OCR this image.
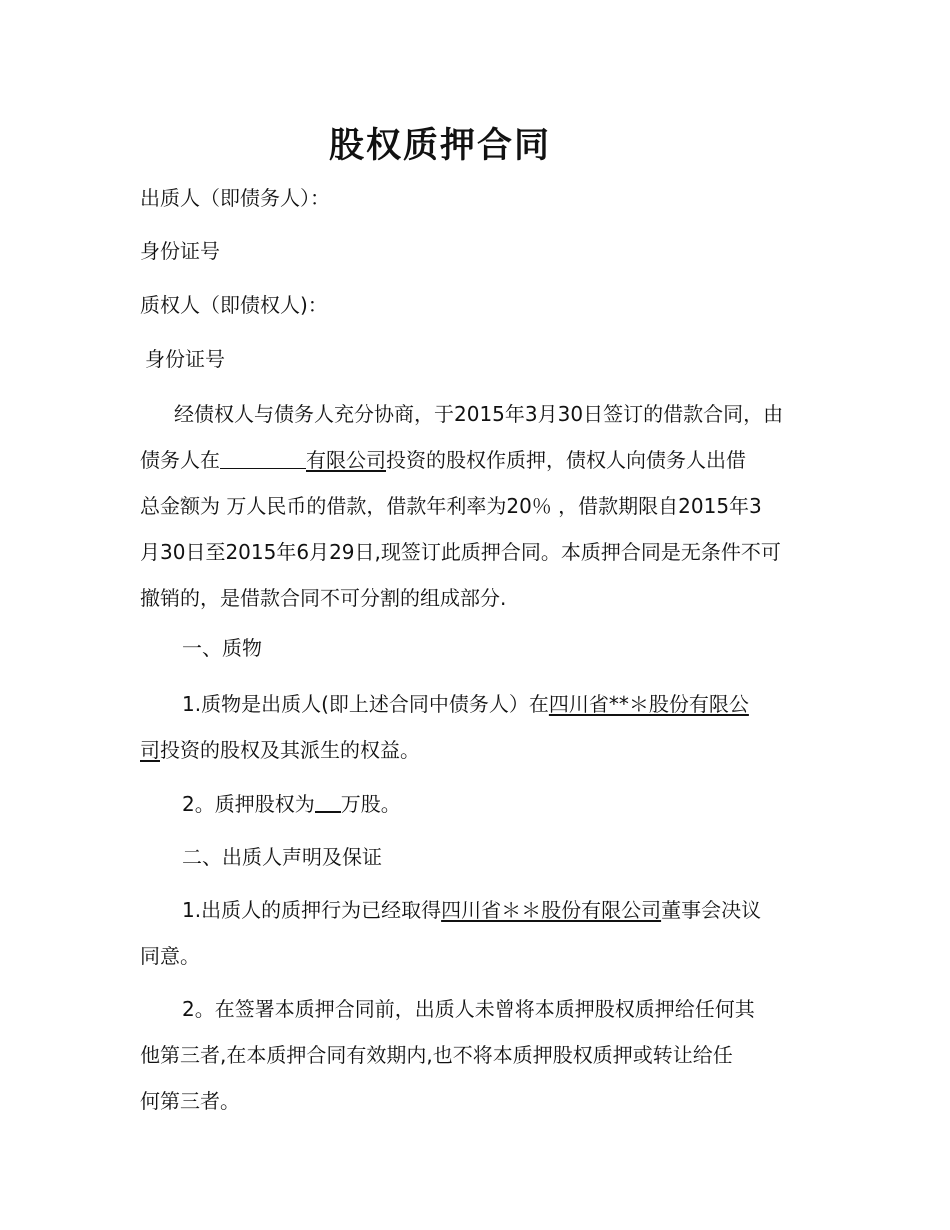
股权质押合同
出质人（即债务人）：
身份证号
质权人（即债权人)：
身份证号
经债权人与债务人充分协商，于2015年3月30日签订的借款合同，由
债务人在	有限公司投资的股权作质押，债权人向债务人出借
总金额为 万人民币的借款，借款年利率为20％ ，借款期限自2015年3
月30日至2015年6月29日,现签订此质押合同。本质押合同是无条件不可
撤销的，是借款合同不可分割的组成部分.
一、质物
1.质物是出质人(即上述合同中债务人）在四川省**＊股份有限公
司投资的股权及其派生的权益。
2。质押股权为 万股。
二、出质人声明及保证
1.出质人的质押行为已经取得四川省＊＊股份有限公司董事会决议
同意。
2。在签署本质押合同前，出质人未曾将本质押股权质押给任何其
他第三者,在本质押合同有效期内,也不将本质押股权质押或转让给任
何第三者。
